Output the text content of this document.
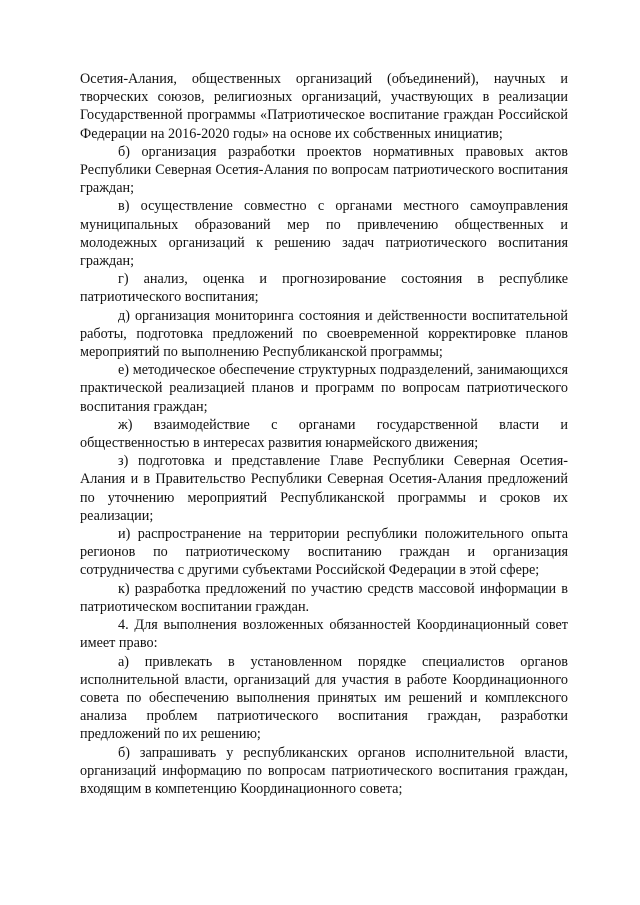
Осетия-Алания, общественных организаций (объединений), научных и творческих союзов, религиозных организаций, участвующих в реализации Государственной программы «Патриотическое воспитание граждан Российской Федерации на 2016-2020 годы» на основе их собственных инициатив;

б) организация разработки проектов нормативных правовых актов Республики Северная Осетия-Алания по вопросам патриотического воспитания граждан;

в) осуществление совместно с органами местного самоуправления муниципальных образований мер по привлечению общественных и молодежных организаций к решению задач патриотического воспитания граждан;

г) анализ, оценка и прогнозирование состояния в республике патриотического воспитания;

д) организация мониторинга состояния и действенности воспитательной работы, подготовка предложений по своевременной корректировке планов мероприятий по выполнению Республиканской программы;

е) методическое обеспечение структурных подразделений, занимающихся практической реализацией планов и программ по вопросам патриотического воспитания граждан;

ж) взаимодействие с органами государственной власти и общественностью в интересах развития юнармейского движения;

з) подготовка и представление Главе Республики Северная Осетия-Алания и в Правительство Республики Северная Осетия-Алания предложений по уточнению мероприятий Республиканской программы и сроков их реализации;

и) распространение на территории республики положительного опыта регионов по патриотическому воспитанию граждан и организация сотрудничества с другими субъектами Российской Федерации в этой сфере;

к) разработка предложений по участию средств массовой информации в патриотическом воспитании граждан.

4. Для выполнения возложенных обязанностей Координационный совет имеет право:

а) привлекать в установленном порядке специалистов органов исполнительной власти, организаций для участия в работе Координационного совета по обеспечению выполнения принятых им решений и комплексного анализа проблем патриотического воспитания граждан, разработки предложений по их решению;

б) запрашивать у республиканских органов исполнительной власти, организаций информацию по вопросам патриотического воспитания граждан, входящим в компетенцию Координационного совета;
